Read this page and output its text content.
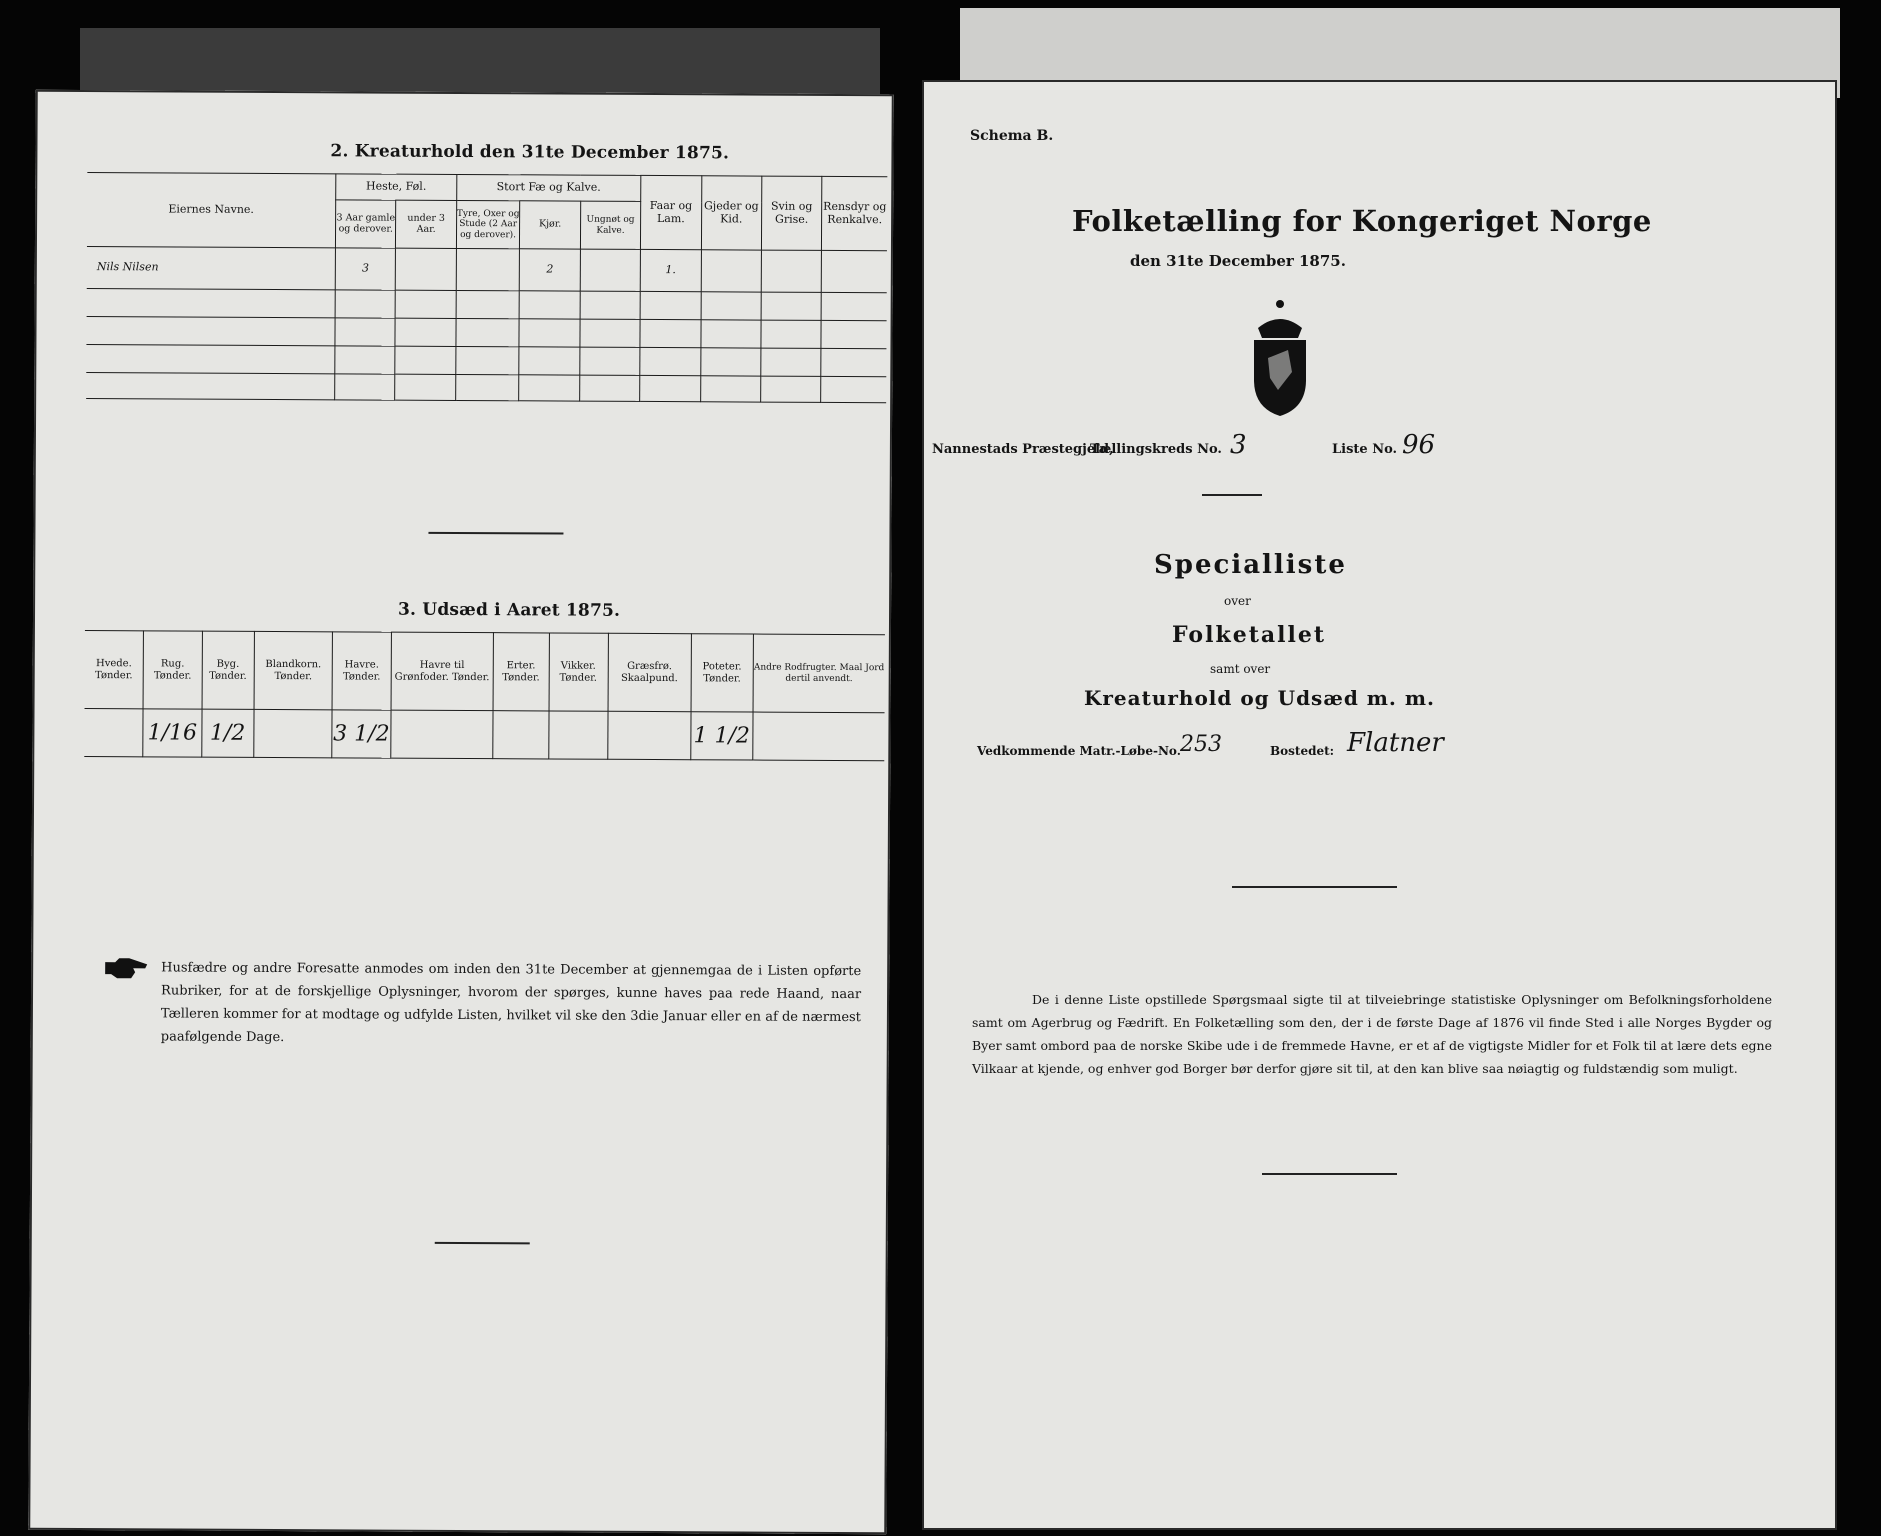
2. Kreaturhold den 31te December 1875.
Eiernes Navne.	Heste, Føl.		Stort Fæ og Kalve.			Faar og Lam.	Gjeder og Kid.	Svin og Grise.	Rensdyr og Renkalve.
	3 Aar gamle og derover.	under 3 Aar.	Tyre, Oxer og Stude (2 Aar og derover).	Kjør.	Ungnøt og Kalve.				
Nils Nilsen	3			2		1.			

3. Udsæd i Aaret 1875.
Hvede. Tønder.	Rug. Tønder.	Byg. Tønder.	Blandkorn. Tønder.	Havre. Tønder.	Havre til Grønfoder. Tønder.	Erter. Tønder.	Vikker. Tønder.	Græsfrø. Skaalpund.	Poteter. Tønder.	Andre Rodfrugter. Maal Jord dertil anvendt.
	1/16	1/2		3 1/2					1 1/2	
Husfædre og andre Foresatte anmodes om inden den 31te December at gjennemgaa de i Listen opførte Rubriker, for at de forskjellige Oplysninger, hvorom der spørges, kunne haves paa rede Haand, naar Tælleren kommer for at modtage og udfylde Listen, hvilket vil ske den 3die Januar eller en af de nærmest paafølgende Dage.
Schema B.
Folketælling for Kongeriget Norge
den 31te December 1875.
Nannestads Præstegjeld,
Tællingskreds No. 3	Liste No. 96
Specialliste
over
Folketallet
samt over
Kreaturhold og Udsæd m. m.
Vedkommende Matr.-Løbe-No. 253	Bostedet: Flatner
De i denne Liste opstillede Spørgsmaal sigte til at tilveiebringe statistiske Oplysninger om Befolkningsforholdene samt om Agerbrug og Fædrift. En Folketælling som den, der i de første Dage af 1876 vil finde Sted i alle Norges Bygder og Byer samt ombord paa de norske Skibe ude i de fremmede Havne, er et af de vigtigste Midler for et Folk til at lære dets egne Vilkaar at kjende, og enhver god Borger bør derfor gjøre sit til, at den kan blive saa nøiagtig og fuldstændig som muligt.
